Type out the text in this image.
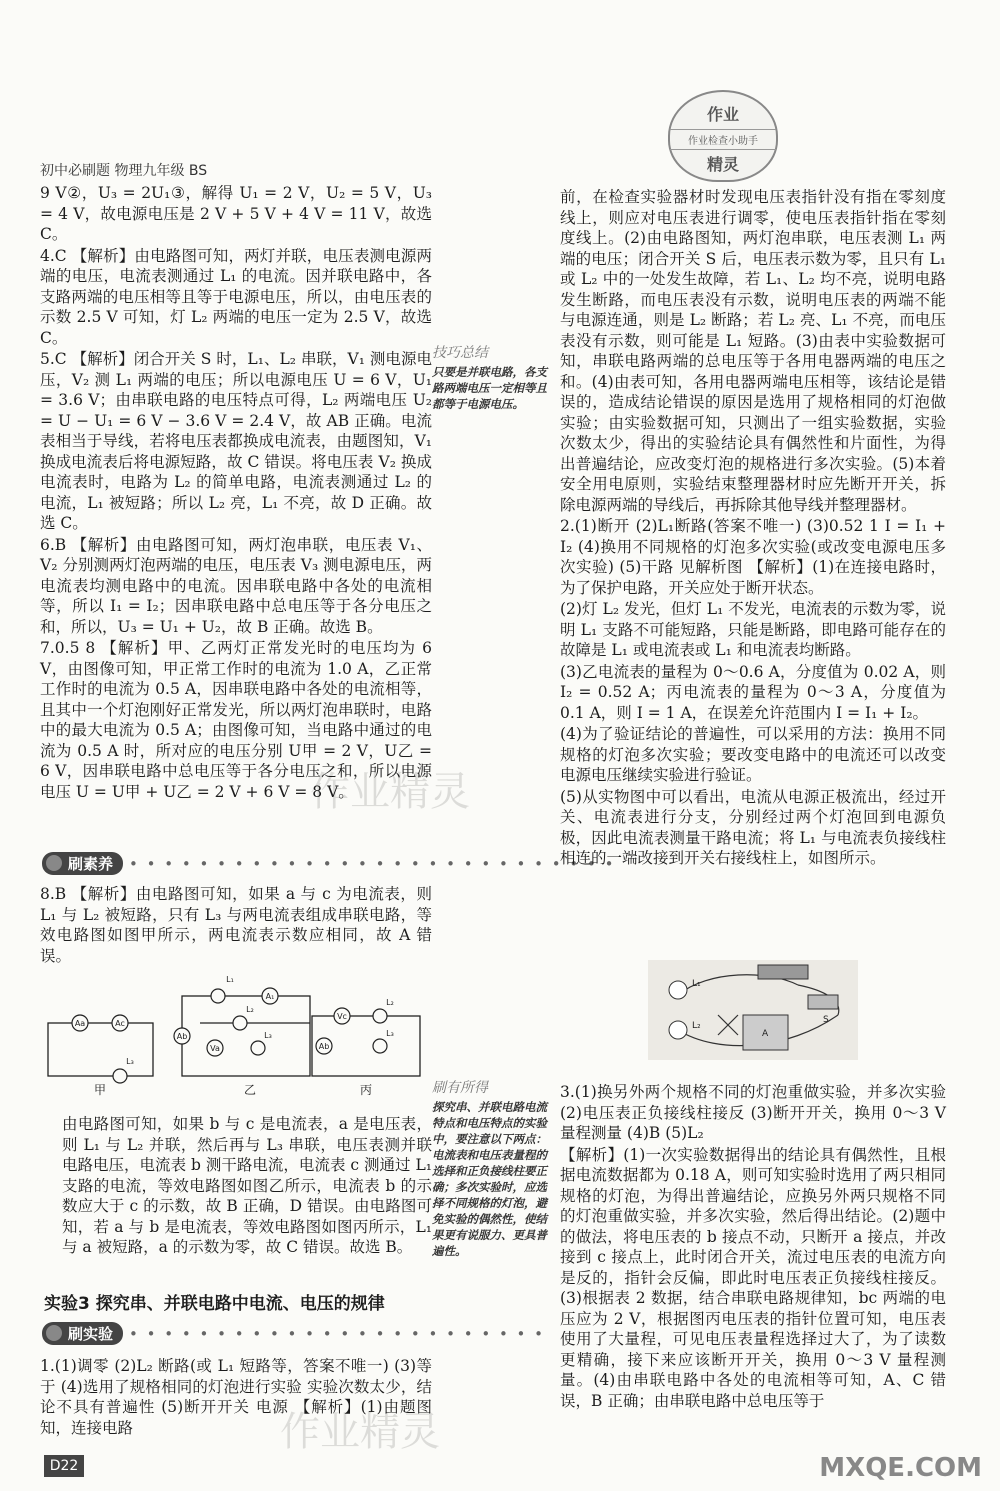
初中必刷题 物理九年级 BS
作业
作业检查小助手
精灵

9 V②，U₃ = 2U₁③，解得 U₁ = 2 V，U₂ = 5 V，U₃ = 4 V，故电源电压是 2 V + 5 V + 4 V = 11 V，故选 C。

4.C 【解析】由电路图可知，两灯并联，电压表测电源两端的电压，电流表测通过 L₁ 的电流。因并联电路中，各支路两端的电压相等且等于电源电压，所以，由电压表的示数 2.5 V 可知，灯 L₂ 两端的电压一定为 2.5 V，故选 C。

5.C 【解析】闭合开关 S 时，L₁、L₂ 串联，V₁ 测电源电压，V₂ 测 L₁ 两端的电压；所以电源电压 U = 6 V，U₁ = 3.6 V；由串联电路的电压特点可得，L₂ 两端电压 U₂ = U − U₁ = 6 V − 3.6 V = 2.4 V，故 AB 正确。电流表相当于导线，若将电压表都换成电流表，由题图知，V₁ 换成电流表后将电源短路，故 C 错误。将电压表 V₂ 换成电流表时，电路为 L₂ 的简单电路，电流表测通过 L₂ 的电流，L₁ 被短路；所以 L₂ 亮，L₁ 不亮，故 D 正确。故选 C。

6.B 【解析】由电路图可知，两灯泡串联，电压表 V₁、V₂ 分别测两灯泡两端的电压，电压表 V₃ 测电源电压，两电流表均测电路中的电流。因串联电路中各处的电流相等，所以 I₁ = I₂；因串联电路中总电压等于各分电压之和，所以，U₃ = U₁ + U₂，故 B 正确。故选 B。

7.0.5 8 【解析】甲、乙两灯正常发光时的电压均为 6 V，由图像可知，甲正常工作时的电流为 1.0 A，乙正常工作时的电流为 0.5 A，因串联电路中各处的电流相等，且其中一个灯泡刚好正常发光，所以两灯泡串联时，电路中的最大电流为 0.5 A；由图像可知，当电路中通过的电流为 0.5 A 时，所对应的电压分别 U甲 = 2 V，U乙 = 6 V，因串联电路中总电压等于各分电压之和，所以电源电压 U = U甲 + U乙 = 2 V + 6 V = 8 V。

技巧总结
只要是并联电路，各支路两端电压一定相等且都等于电源电压。
刷素养 • • • • • • • • • • • • • • • • • • • • • • • • • • • •

8.B 【解析】由电路图可知，如果 a 与 c 为电流表，则 L₁ 与 L₂ 被短路，只有 L₃ 与两电流表组成串联电路，等效电路图如图甲所示，两电流表示数应相同，故 A 错误。

Aa	Ac
L₃
L₁
A₁
L₂
Ab
Va
L₃
Vc
L₂
Ab
L₃
甲	乙	丙

由电路图可知，如果 b 与 c 是电流表，a 是电压表，则 L₁ 与 L₂ 并联，然后再与 L₃ 串联，电压表测并联电路电压，电流表 b 测干路电流，电流表 c 测通过 L₁ 支路的电流，等效电路图如图乙所示，电流表 b 的示数应大于 c 的示数，故 B 正确，D 错误。由电路图可知，若 a 与 b 是电流表，等效电路图如图丙所示，L₁ 与 a 被短路，a 的示数为零，故 C 错误。故选 B。

刷有所得
探究串、并联电路电流特点和电压特点的实验中，要注意以下两点：电流表和电压表量程的选择和正负接线柱要正确；多次实验时，应选择不同规格的灯泡，避免实验的偶然性，使结果更有说服力、更具普遍性。
实验3 探究串、并联电路中电流、电压的规律
刷实验 • • • • • • • • • • • • • • • • • • • • • • • •

1.(1)调零 (2)L₂ 断路(或 L₁ 短路等，答案不唯一) (3)等于 (4)选用了规格相同的灯泡进行实验 实验次数太少，结论不具有普遍性 (5)断开开关 电源 【解析】(1)由题图知，连接电路

前，在检查实验器材时发现电压表指针没有指在零刻度线上，则应对电压表进行调零，使电压表指针指在零刻度线上。(2)由电路图知，两灯泡串联，电压表测 L₁ 两端的电压；闭合开关 S 后，电压表示数为零，且只有 L₁ 或 L₂ 中的一处发生故障，若 L₁、L₂ 均不亮，说明电路发生断路，而电压表没有示数，说明电压表的两端不能与电源连通，则是 L₂ 断路；若 L₂ 亮、L₁ 不亮，而电压表没有示数，则可能是 L₁ 短路。(3)由表中实验数据可知，串联电路两端的总电压等于各用电器两端的电压之和。(4)由表可知，各用电器两端电压相等，该结论是错误的，造成结论错误的原因是选用了规格相同的灯泡做实验；由实验数据可知，只测出了一组实验数据，实验次数太少，得出的实验结论具有偶然性和片面性，为得出普遍结论，应改变灯泡的规格进行多次实验。(5)本着安全用电原则，实验结束整理器材时应先断开开关，拆除电源两端的导线后，再拆除其他导线并整理器材。

2.(1)断开 (2)L₁断路(答案不唯一) (3)0.52 1 I = I₁ + I₂ (4)换用不同规格的灯泡多次实验(或改变电源电压多次实验) (5)干路 见解析图 【解析】(1)在连接电路时，为了保护电路，开关应处于断开状态。

(2)灯 L₂ 发光，但灯 L₁ 不发光，电流表的示数为零，说明 L₁ 支路不可能短路，只能是断路，即电路可能存在的故障是 L₁ 或电流表或 L₁ 和电流表均断路。

(3)乙电流表的量程为 0～0.6 A，分度值为 0.02 A，则 I₂ = 0.52 A；丙电流表的量程为 0～3 A，分度值为 0.1 A，则 I = 1 A，在误差允许范围内 I = I₁ + I₂。

(4)为了验证结论的普遍性，可以采用的方法：换用不同规格的灯泡多次实验；要改变电路中的电流还可以改变电源电压继续实验进行验证。

(5)从实物图中可以看出，电流从电源正极流出，经过开关、电流表进行分支，分别经过两个灯泡回到电源负极，因此电流表测量干路电流；将 L₁ 与电流表负接线柱相连的一端改接到开关右接线柱上，如图所示。

L₁
L₂
S
A

3.(1)换另外两个规格不同的灯泡重做实验，并多次实验 (2)电压表正负接线柱接反 (3)断开开关，换用 0～3 V 量程测量 (4)B (5)L₂

【解析】(1)一次实验数据得出的结论具有偶然性，且根据电流数据都为 0.18 A，则可知实验时选用了两只相同规格的灯泡，为得出普遍结论，应换另外两只规格不同的灯泡重做实验，并多次实验，然后得出结论。(2)题中的做法，将电压表的 b 接点不动，只断开 a 接点，并改接到 c 接点上，此时闭合开关，流过电压表的电流方向是反的，指针会反偏，即此时电压表正负接线柱接反。(3)根据表 2 数据，结合串联电路规律知，bc 两端的电压应为 2 V，根据图丙电压表的指针位置可知，电压表使用了大量程，可见电压表量程选择过大了，为了读数更精确，接下来应该断开开关，换用 0～3 V 量程测量。(4)由串联电路中各处的电流相等可知，A、C 错误，B 正确；由串联电路中总电压等于

作业精灵
作业精灵
D22	MXQE.COM
